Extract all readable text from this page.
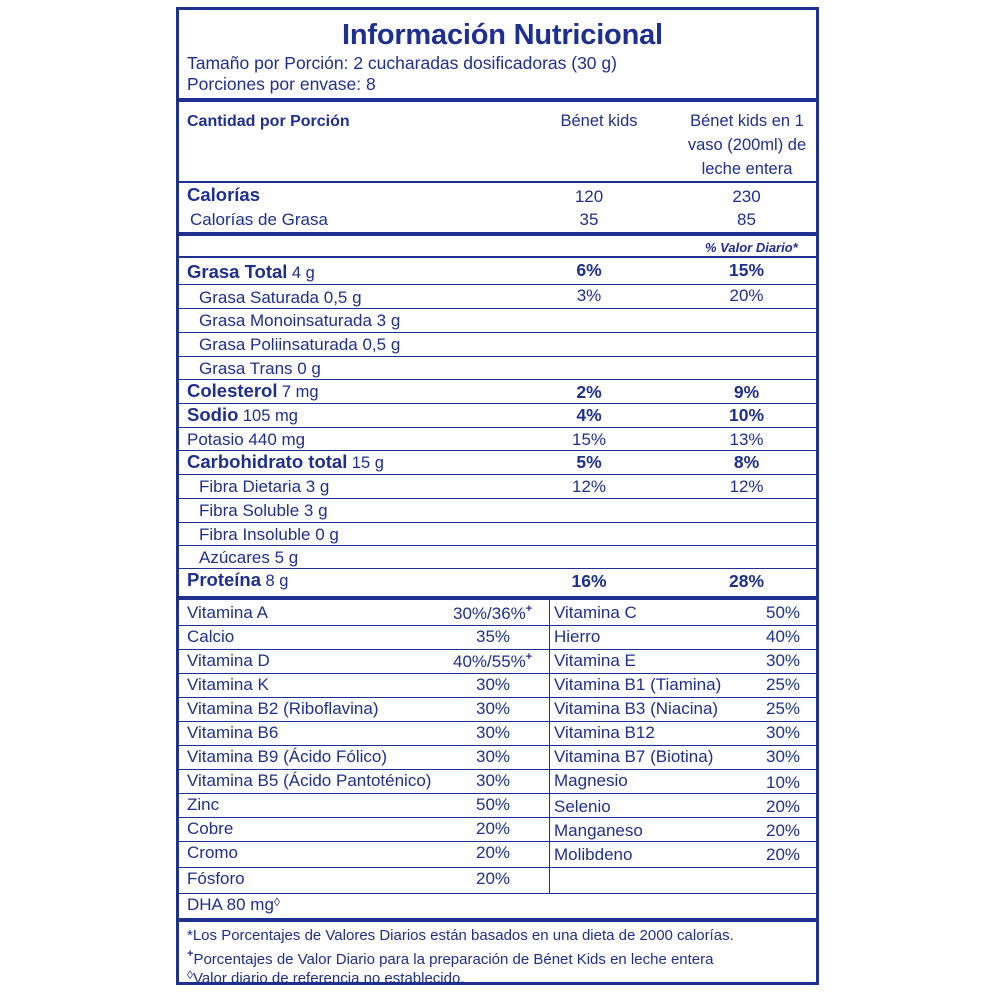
Información Nutricional
Tamaño por Porción: 2 cucharadas dosificadoras (30 g)
Porciones por envase: 8
Cantidad por Porción	Bénet kids	Bénet kids en 1 vaso (200ml) de leche entera
Calorías	120	230
Calorías de Grasa	35	85
% Valor Diario*
Grasa Total 4 g	6%	15%
Grasa Saturada 0,5 g	3%	20%
Grasa Monoinsaturada 3 g
Grasa Poliinsaturada 0,5 g
Grasa Trans 0 g
Colesterol 7 mg	2%	9%
Sodio 105 mg	4%	10%
Potasio 440 mg	15%	13%
Carbohidrato total 15 g	5%	8%
Fibra Dietaria 3 g	12%	12%
Fibra Soluble 3 g
Fibra Insoluble 0 g
Azúcares 5 g
Proteína 8 g	16%	28%
Vitamina A	30%/36%+ Vitamina C	50%
Calcio	35%	Hierro	40%
Vitamina D	40%/55%+ Vitamina E	30%
Vitamina K	30%	Vitamina B1 (Tiamina)	25%
Vitamina B2 (Riboflavina)	30%	Vitamina B3 (Niacina)	25%
Vitamina B6	30%	Vitamina B12	30%
Vitamina B9 (Ácido Fólico)	30%	Vitamina B7 (Biotina)	30%
Vitamina B5 (Ácido Pantoténico)	30%	Magnesio	10%
Zinc	50%	Selenio	20%
Cobre	20%	Manganeso	20%
Cromo	20%	Molibdeno	20%
Fósforo	20%
DHA 80 mg◊
*Los Porcentajes de Valores Diarios están basados en una dieta de 2000 calorías.
+Porcentajes de Valor Diario para la preparación de Bénet Kids en leche entera
◊Valor diario de referencia no establecido.
